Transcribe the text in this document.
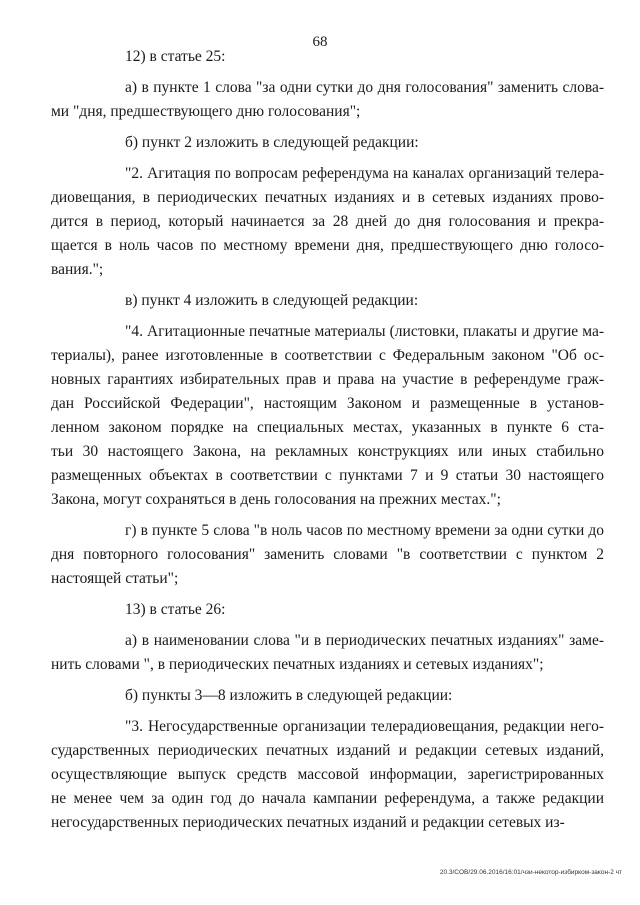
68

12) в статье 25:

а) в пункте 1 слова "за одни сутки до дня голосования" заменить слова-
ми "дня, предшествующего дню голосования";

б) пункт 2 изложить в следующей редакции:

"2. Агитация по вопросам референдума на каналах организаций телера-
диовещания, в периодических печатных изданиях и в сетевых изданиях прово-
дится в период, который начинается за 28 дней до дня голосования и прекра-
щается в ноль часов по местному времени дня, предшествующего дню голосо-
вания.";

в) пункт 4 изложить в следующей редакции:

"4. Агитационные печатные материалы (листовки, плакаты и другие ма-
териалы), ранее изготовленные в соответствии с Федеральным законом "Об ос-
новных гарантиях избирательных прав и права на участие в референдуме граж-
дан Российской Федерации", настоящим Законом и размещенные в установ-
ленном законом порядке на специальных местах, указанных в пункте 6 ста-
тьи 30 настоящего Закона, на рекламных конструкциях или иных стабильно
размещенных объектах в соответствии с пунктами 7 и 9 статьи 30 настоящего
Закона, могут сохраняться в день голосования на прежних местах.";

г) в пункте 5 слова "в ноль часов по местному времени за одни сутки до
дня повторного голосования" заменить словами "в соответствии с пунктом 2
настоящей статьи";

13) в статье 26:

а) в наименовании слова "и в периодических печатных изданиях" заме-
нить словами ", в периодических печатных изданиях и сетевых изданиях";

б) пункты 3—8 изложить в следующей редакции:

"3. Негосударственные организации телерадиовещания, редакции него-
сударственных периодических печатных изданий и редакции сетевых изданий,
осуществляющие выпуск средств массовой информации, зарегистрированных
не менее чем за один год до начала кампании референдума, а также редакции
негосударственных периодических печатных изданий и редакции сетевых из-

20.3/COB/29.06.2016/16:01/чзи-некотор-избирком-закон-2 чт
